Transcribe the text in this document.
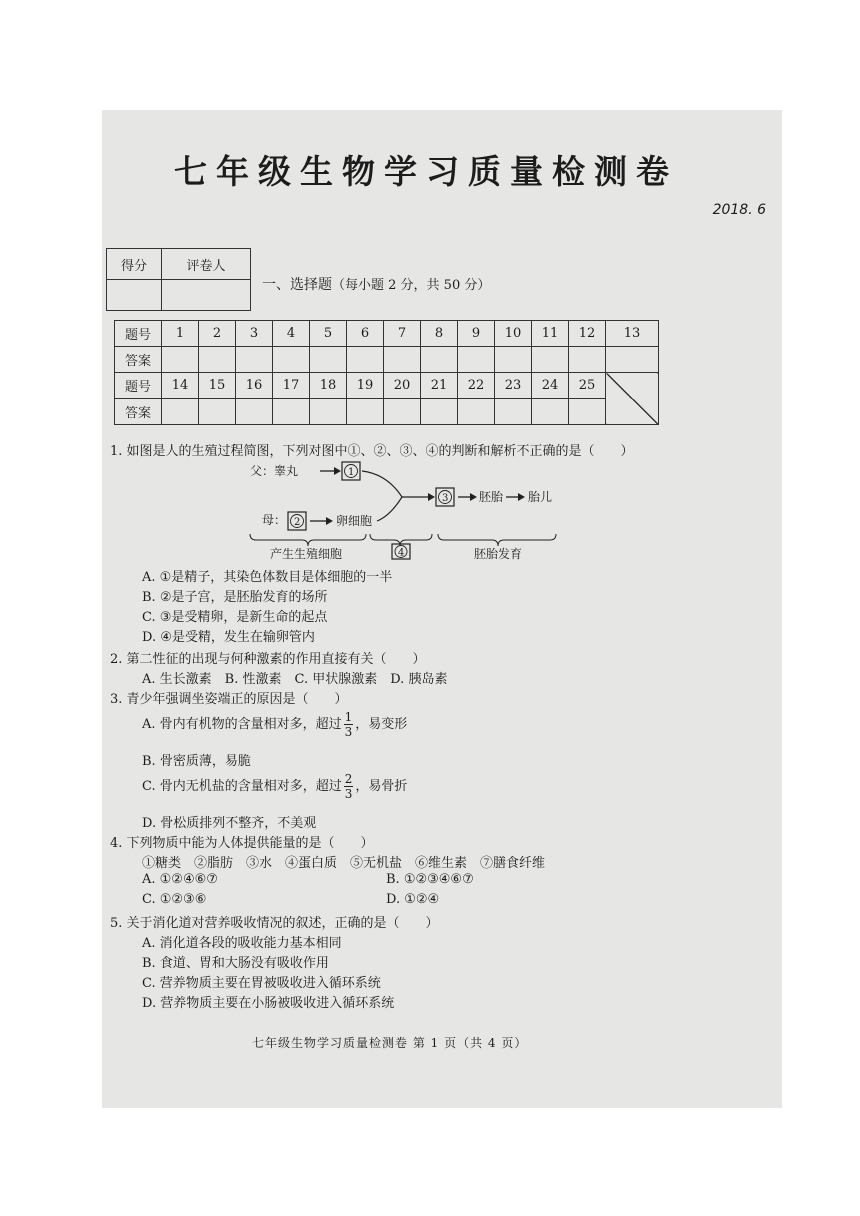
七年级生物学习质量检测卷
2018. 6
得分	评卷人

一、选择题（每小题 2 分，共 50 分）
题号	1	2	3	4	5	6	7	8	9	10	11	12	13
答案													
题号	14	15	16	17	18	19	20	21	22	23	24	25	
答案													
1. 如图是人的生殖过程简图，下列对图中①、②、③、④的判断和解析不正确的是（　　）
父：睾丸	1
母： 2	卵细胞
3	胚胎 胎儿
产生生殖细胞	4	胚胎发育
A. ①是精子，其染色体数目是体细胞的一半
B. ②是子宫，是胚胎发育的场所
C. ③是受精卵，是新生命的起点
D. ④是受精，发生在输卵管内
2. 第二性征的出现与何种激素的作用直接有关（　　）
A. 生长激素　B. 性激素　C. 甲状腺激素　D. 胰岛素
3. 青少年强调坐姿端正的原因是（　　）
A. 骨内有机物的含量相对多，超过 $\frac{1}{3}$ ，易变形
B. 骨密质薄，易脆
C. 骨内无机盐的含量相对多，超过 $\frac{2}{3}$ ，易骨折
D. 骨松质排列不整齐，不美观
4. 下列物质中能为人体提供能量的是（　　）
①糖类　②脂肪　③水　④蛋白质　⑤无机盐　⑥维生素　⑦膳食纤维
A. ①②④⑥⑦	B. ①②③④⑥⑦
C. ①②③⑥	D. ①②④
5. 关于消化道对营养吸收情况的叙述，正确的是（　　）
A. 消化道各段的吸收能力基本相同
B. 食道、胃和大肠没有吸收作用
C. 营养物质主要在胃被吸收进入循环系统
D. 营养物质主要在小肠被吸收进入循环系统
七年级生物学习质量检测卷 第 1 页（共 4 页）
